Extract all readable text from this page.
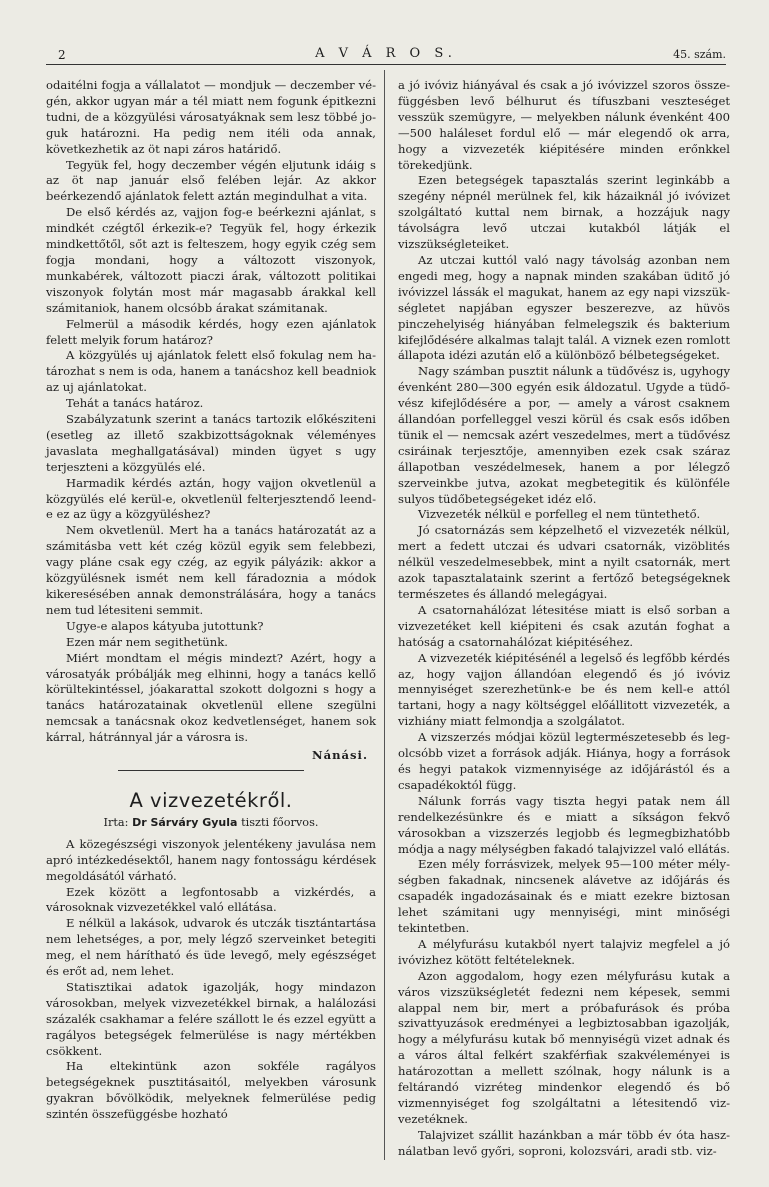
2	A V Á R O S.	45. szám.

odaitélni fogja a vállalatot — mondjuk — deczember végén, akkor ugyan már a tél miatt nem fogunk épitkezni tudni, de a közgyülési városatyáknak sem lesz többé joguk határozni. Ha pedig nem itéli oda annak, következhetik az öt napi záros határidő.

Tegyük fel, hogy deczember végén eljutunk idáig s az öt nap január első felében lejár. Az akkor beérkezendő ajánlatok felett aztán megindulhat a vita.

De első kérdés az, vajjon fog-e beérkezni ajánlat, s mindkét czégtől érkezik-e? Tegyük fel, hogy érkezik mindkettőtől, sőt azt is felteszem, hogy egyik czég sem fogja mondani, hogy a változott viszonyok, munkabérek, változott piaczi árak, változott politikai viszonyok folytán most már magasabb árakkal kell számitaniok, hanem olcsóbb árakat számitanak.

Felmerül a második kérdés, hogy ezen ajánlatok felett melyik forum határoz?

A közgyülés uj ajánlatok felett első fokulag nem határozhat s nem is oda, hanem a tanácshoz kell beadniok az uj ajánlatokat.

Tehát a tanács határoz.

Szabályzatunk szerint a tanács tartozik előkésziteni (esetleg az illető szakbizottságoknak véleményes javaslata meghallgatásával) minden ügyet s ugy terjeszteni a közgyülés elé.

Harmadik kérdés aztán, hogy vajjon okvetlenül a közgyülés elé kerül-e, okvetlenül felterjesztendő leend-e ez az ügy a közgyüléshez?

Nem okvetlenül. Mert ha a tanács határozatát az a számitásba vett két czég közül egyik sem felebbezi, vagy pláne csak egy czég, az egyik pályázik: akkor a közgyülésnek ismét nem kell fáradoznia a módok kikeresésében annak demonstrálására, hogy a tanács nem tud létesiteni semmit.

Ugye-e alapos kátyuba jutottunk?

Ezen már nem segithetünk.

Miért mondtam el mégis mindezt? Azért, hogy a városatyák próbálják meg elhinni, hogy a tanács kellő körültekintéssel, jóakarattal szokott dolgozni s hogy a tanács határozatainak okvetlenül ellene szegülni nemcsak a tanácsnak okoz kedvetlenséget, hanem sok kárral, hátránnyal jár a városra is.

Nánási.
A vizvezetékről.
Irta: Dr Sárváry Gyula tiszti főorvos.

A közegészségi viszonyok jelentékeny javulása nem apró intézkedésektől, hanem nagy fontosságu kérdések megoldásától várható.

Ezek között a legfontosabb a vizkérdés, a városoknak vizvezetékkel való ellátása.

E nélkül a lakások, udvarok és utczák tisztántartása nem lehetséges, a por, mely légző szerveinket betegiti meg, el nem hárítható és üde levegő, mely egészséget és erőt ad, nem lehet.

Statisztikai adatok igazolják, hogy mindazon városokban, melyek vizvezetékkel birnak, a halálozási százalék csakhamar a felére szállott le és ezzel együtt a ragályos betegségek felmerülése is nagy mértékben csökkent.

Ha eltekintünk azon sokféle ragályos betegségeknek pusztitásaitól, melyekben városunk gyakran bővölködik, melyeknek felmerülése pedig szintén összefüggésbe hozható

a jó ivóviz hiányával és csak a jó ivóvizzel szoros összefüggésben levő bélhurut és tífuszbani veszteséget vesszük szemügyre, — melyekben nálunk évenként 400—500 haláleset fordul elő — már elegendő ok arra, hogy a vizvezeték kiépitésére minden erőnkkel törekedjünk.

Ezen betegségek tapasztalás szerint leginkább a szegény népnél merülnek fel, kik házaiknál jó ivóvizet szolgáltató kuttal nem birnak, a hozzájuk nagy távolságra levő utczai kutakból látják el vizszükségleteiket.

Az utczai kuttól való nagy távolság azonban nem engedi meg, hogy a napnak minden szakában üditő jó ivóvizzel lássák el magukat, hanem az egy napi vizszükségletet napjában egyszer beszerezve, az hüvös pinczehelyiség hiányában felmelegszik és bakterium kifejlődésére alkalmas talajt talál. A viznek ezen romlott állapota idézi azután elő a különböző bélbetegségeket.

Nagy számban pusztit nálunk a tüdővész is, ugyhogy évenként 280—300 egyén esik áldozatul. Ugyde a tüdővész kifejlődésére a por, — amely a várost csaknem állandóan porfelleggel veszi körül és csak esős időben tünik el — nemcsak azért veszedelmes, mert a tüdővész csiráinak terjesztője, amennyiben ezek csak száraz állapotban veszédelmesek, hanem a por lélegző szerveinkbe jutva, azokat megbetegitik és különféle sulyos tüdőbetegségeket idéz elő.

Vizvezeték nélkül e porfelleg el nem tüntethető.

Jó csatornázás sem képzelhető el vizvezeték nélkül, mert a fedett utczai és udvari csatornák, vizöblités nélkül veszedelmesebbek, mint a nyilt csatornák, mert azok tapasztalataink szerint a fertőző betegségeknek természetes és állandó melegágyai.

A csatornahálózat létesitése miatt is első sorban a vizvezetéket kell kiépiteni és csak azután foghat a hatóság a csatornahálózat kiépitéséhez.

A vizvezeték kiépitésénél a legelső és legfőbb kérdés az, hogy vajjon állandóan elegendő és jó ivóviz mennyiséget szerezhetünk-e be és nem kell-e attól tartani, hogy a nagy költséggel előállitott vizvezeték, a vizhiány miatt felmondja a szolgálatot.

A vizszerzés módjai közül legtermészetesebb és legolcsóbb vizet a források adják. Hiánya, hogy a források és hegyi patakok vizmennyisége az időjárástól és a csapadékoktól függ.

Nálunk forrás vagy tiszta hegyi patak nem áll rendelkezésünkre és e miatt a síkságon fekvő városokban a vizszerzés legjobb és legmegbizhatóbb módja a nagy mélységben fakadó talajvizzel való ellátás.

Ezen mély forrásvizek, melyek 95—100 méter mélységben fakadnak, nincsenek alávetve az időjárás és csapadék ingadozásainak és e miatt ezekre biztosan lehet számitani ugy mennyiségi, mint minőségi tekintetben.

A mélyfurásu kutakból nyert talajviz megfelel a jó ivóvizhez kötött feltételeknek.

Azon aggodalom, hogy ezen mélyfurásu kutak a város vizszükségletét fedezni nem képesek, semmi alappal nem bir, mert a próbafurások és próba szivattyuzások eredményei a legbiztosabban igazolják, hogy a mélyfurásu kutak bő mennyiségü vizet adnak és a város által felkért szakférfiak szakvéleményei is határozottan a mellett szólnak, hogy nálunk is a feltárandó vizréteg mindenkor elegendő és bő vizmennyiséget fog szolgáltatni a létesitendő vizvezetéknek.

Talajvizet szállit hazánkban a már több év óta használatban levő győri, soproni, kolozsvári, aradi stb. viz-
